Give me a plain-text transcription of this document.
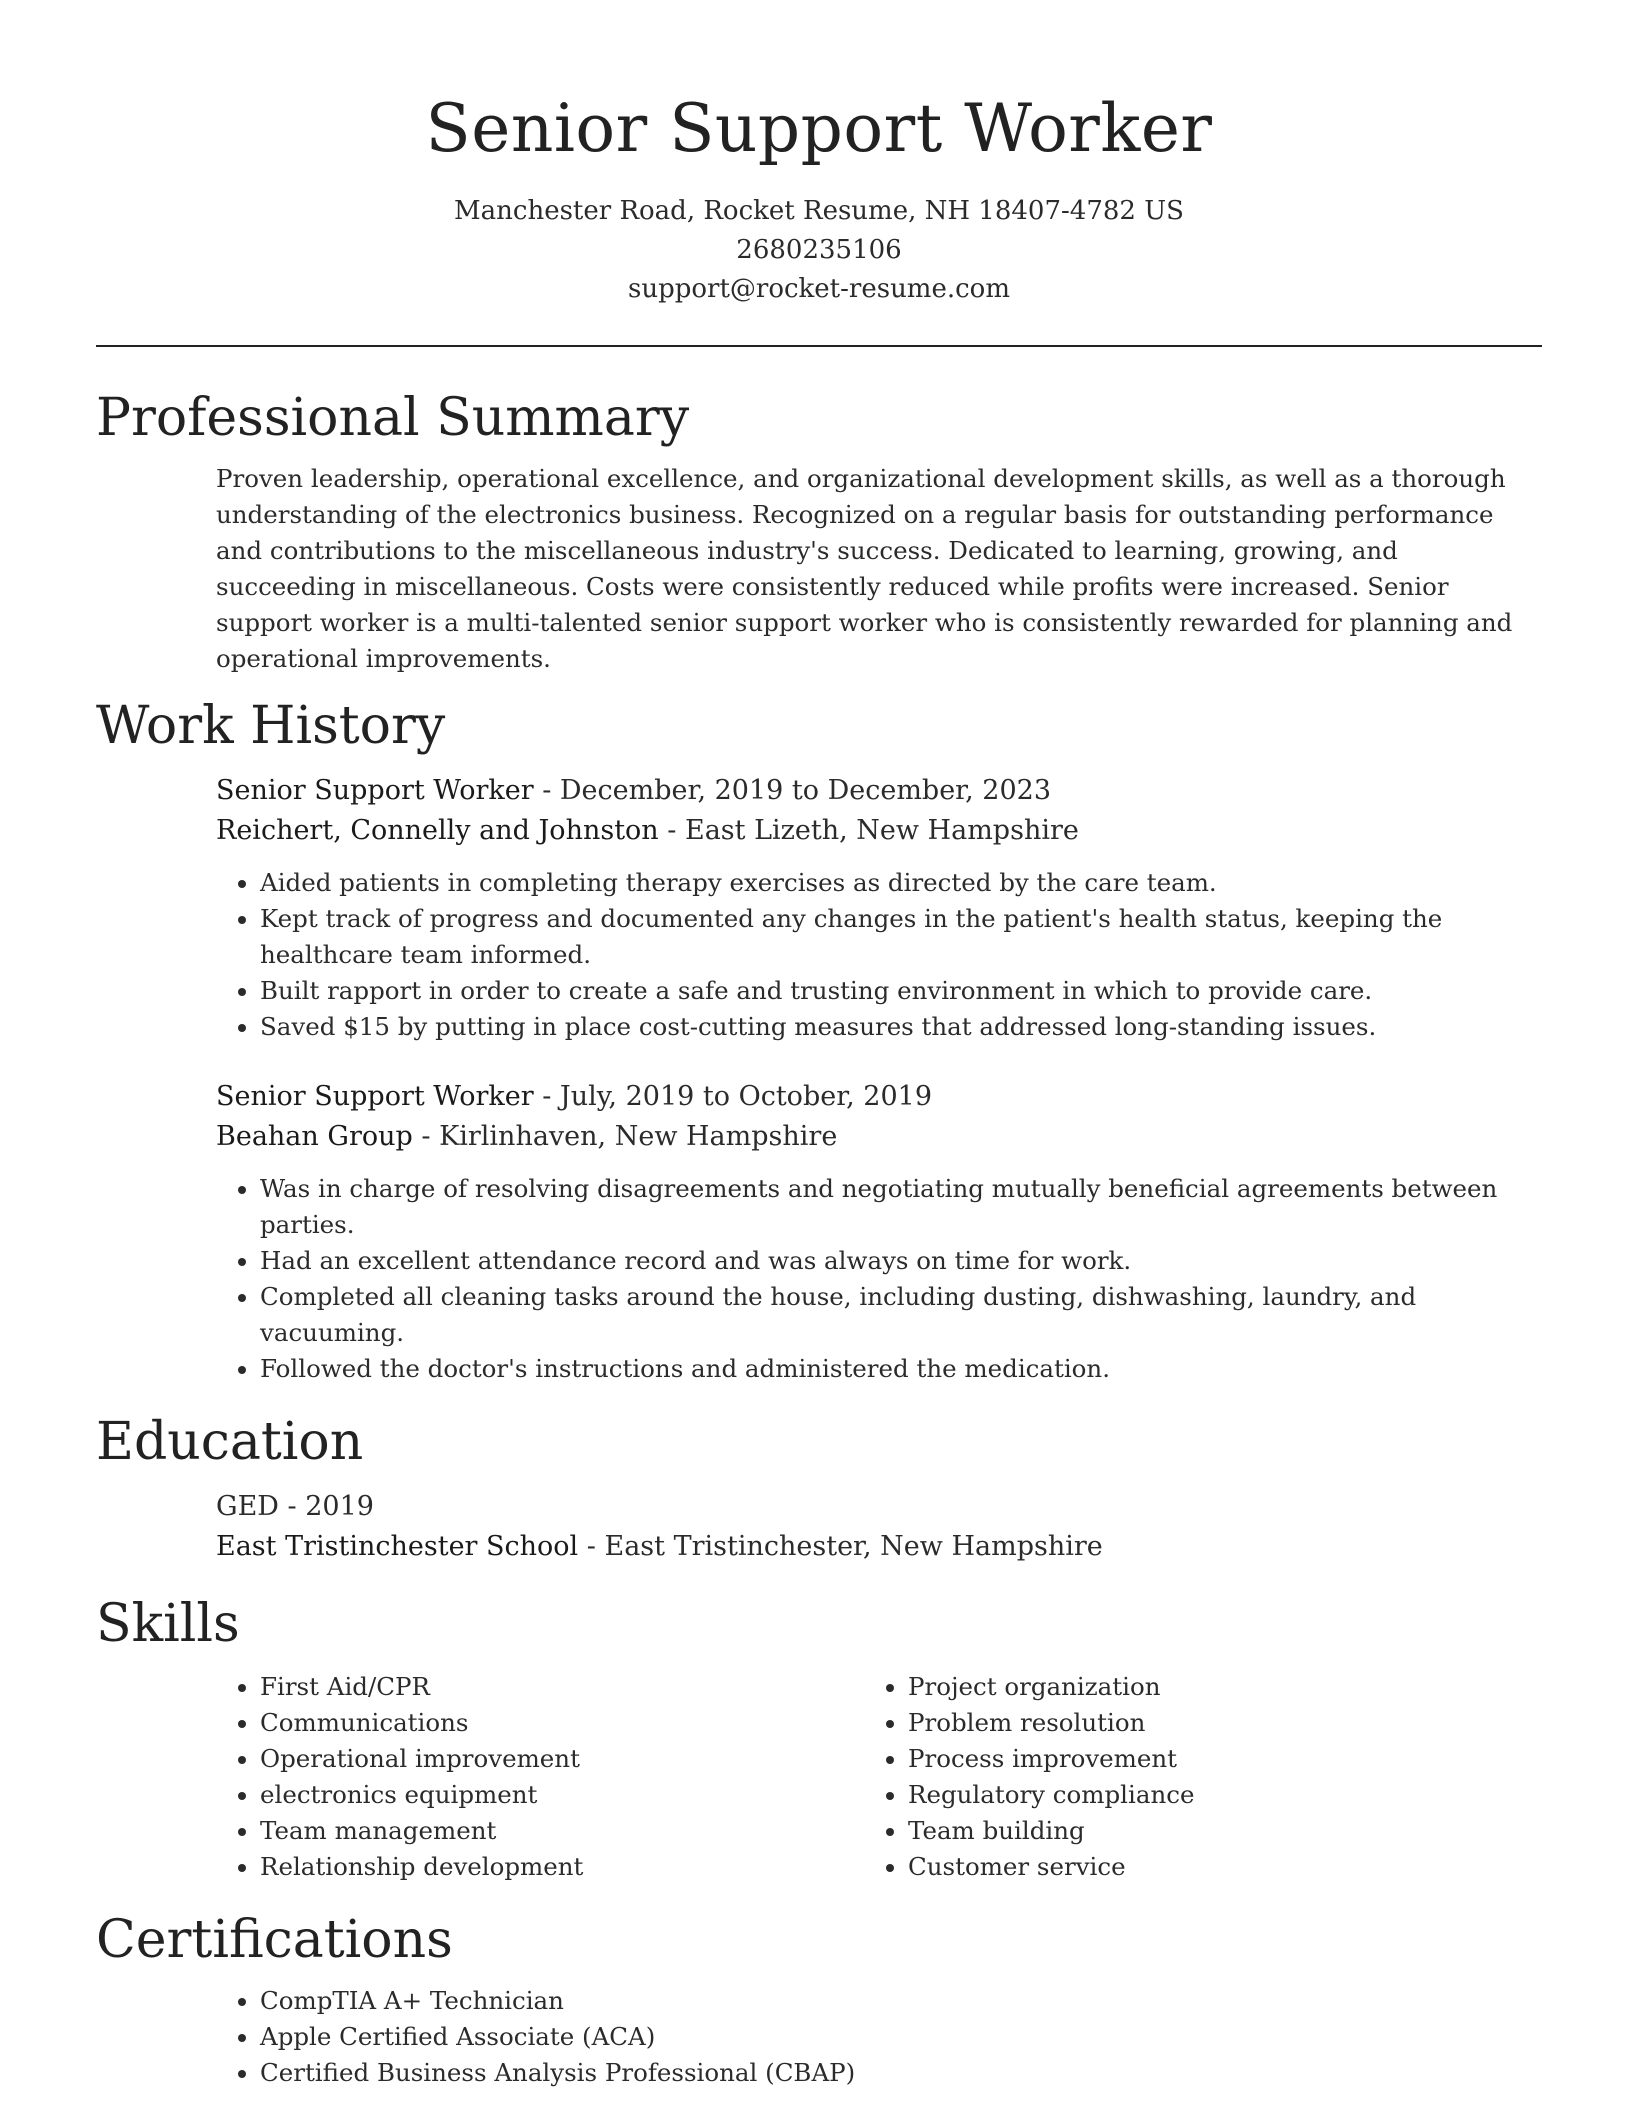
Senior Support Worker
Manchester Road, Rocket Resume, NH 18407-4782 US
2680235106
support@rocket-resume.com
Professional Summary

Proven leadership, operational excellence, and organizational development skills, as well as a thorough understanding of the electronics business. Recognized on a regular basis for outstanding performance and contributions to the miscellaneous industry's success. Dedicated to learning, growing, and succeeding in miscellaneous. Costs were consistently reduced while profits were increased. Senior support worker is a multi-talented senior support worker who is consistently rewarded for planning and operational improvements.

Work History
Senior Support Worker - December, 2019 to December, 2023
Reichert, Connelly and Johnston - East Lizeth, New Hampshire
• Aided patients in completing therapy exercises as directed by the care team.
• Kept track of progress and documented any changes in the patient's health status, keeping the healthcare team informed.
• Built rapport in order to create a safe and trusting environment in which to provide care.
• Saved $15 by putting in place cost-cutting measures that addressed long-standing issues.
Senior Support Worker - July, 2019 to October, 2019
Beahan Group - Kirlinhaven, New Hampshire
• Was in charge of resolving disagreements and negotiating mutually beneficial agreements between parties.
• Had an excellent attendance record and was always on time for work.
• Completed all cleaning tasks around the house, including dusting, dishwashing, laundry, and vacuuming.
• Followed the doctor's instructions and administered the medication.
Education
GED - 2019
East Tristinchester School - East Tristinchester, New Hampshire
Skills
• First Aid/CPR
• Communications
• Operational improvement
• electronics equipment
• Team management
• Relationship development
• Project organization
• Problem resolution
• Process improvement
• Regulatory compliance
• Team building
• Customer service
Certifications
• CompTIA A+ Technician
• Apple Certified Associate (ACA)
• Certified Business Analysis Professional (CBAP)
